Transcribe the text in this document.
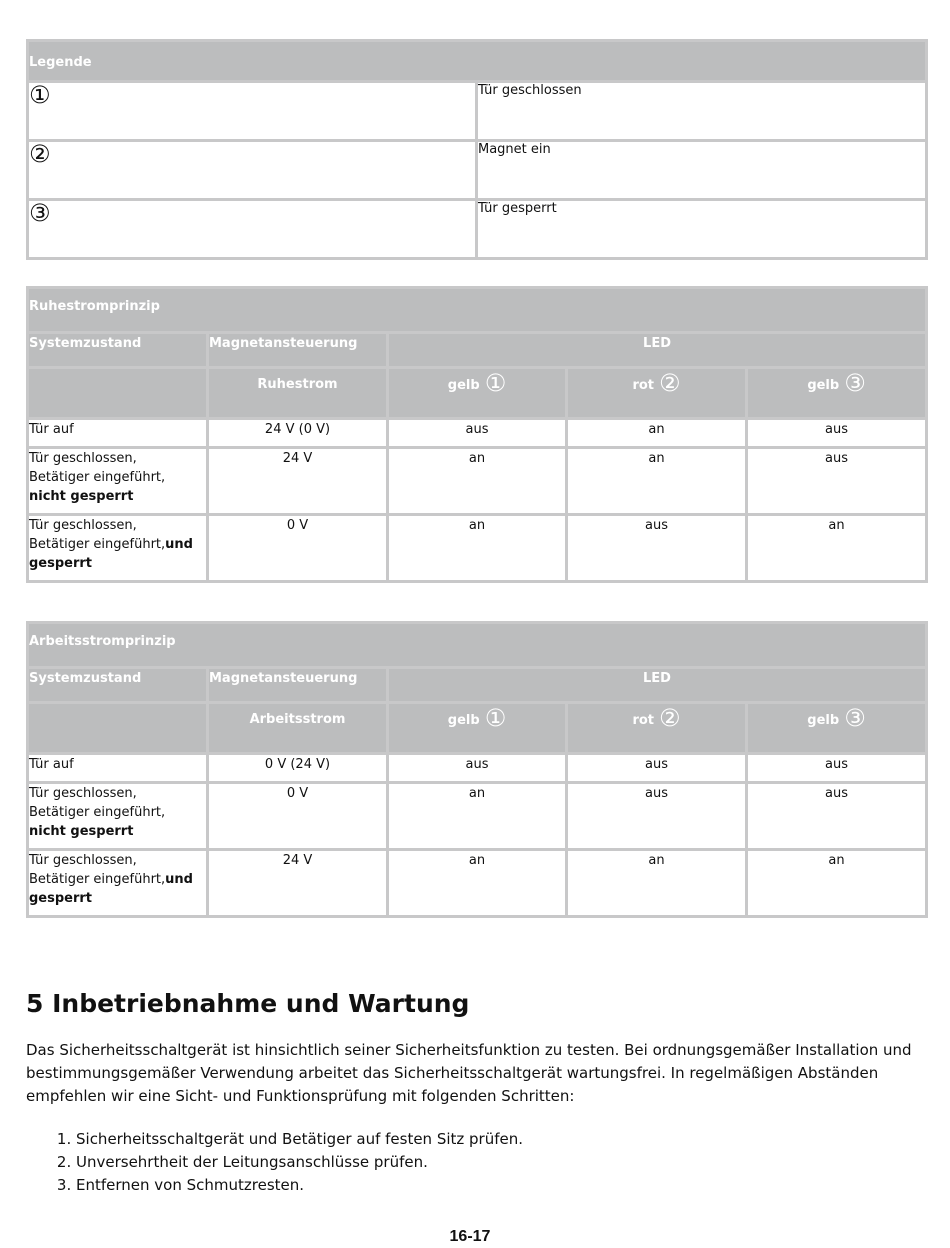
Legende	
①	Tür geschlossen
②	Magnet ein
③	Tür gesperrt
Ruhestromprinzip				
Systemzustand	Magnetansteuerung	LED		
	Ruhestrom	gelb ①	rot ②	gelb ③
Tür auf	24 V (0 V)	aus	an	aus
Tür geschlossen,
Betätiger eingeführt,
nicht gesperrt	24 V	an	an	aus
Tür geschlossen,
Betätiger eingeführt,und
gesperrt	0 V	an	aus	an
Arbeitsstromprinzip				
Systemzustand	Magnetansteuerung	LED		
	Arbeitsstrom	gelb ①	rot ②	gelb ③
Tür auf	0 V (24 V)	aus	aus	aus
Tür geschlossen,
Betätiger eingeführt,
nicht gesperrt	0 V	an	aus	aus
Tür geschlossen,
Betätiger eingeführt,und
gesperrt	24 V	an	an	an
5 Inbetriebnahme und Wartung

Das Sicherheitsschaltgerät ist hinsichtlich seiner Sicherheitsfunktion zu testen. Bei ordnungsgemäßer Installation und bestimmungsgemäßer Verwendung arbeitet das Sicherheitsschaltgerät wartungsfrei. In regelmäßigen Abständen empfehlen wir eine Sicht- und Funktionsprüfung mit folgenden Schritten:

1. Sicherheitsschaltgerät und Betätiger auf festen Sitz prüfen.
2. Unversehrtheit der Leitungsanschlüsse prüfen.
3. Entfernen von Schmutzresten.
16-17
